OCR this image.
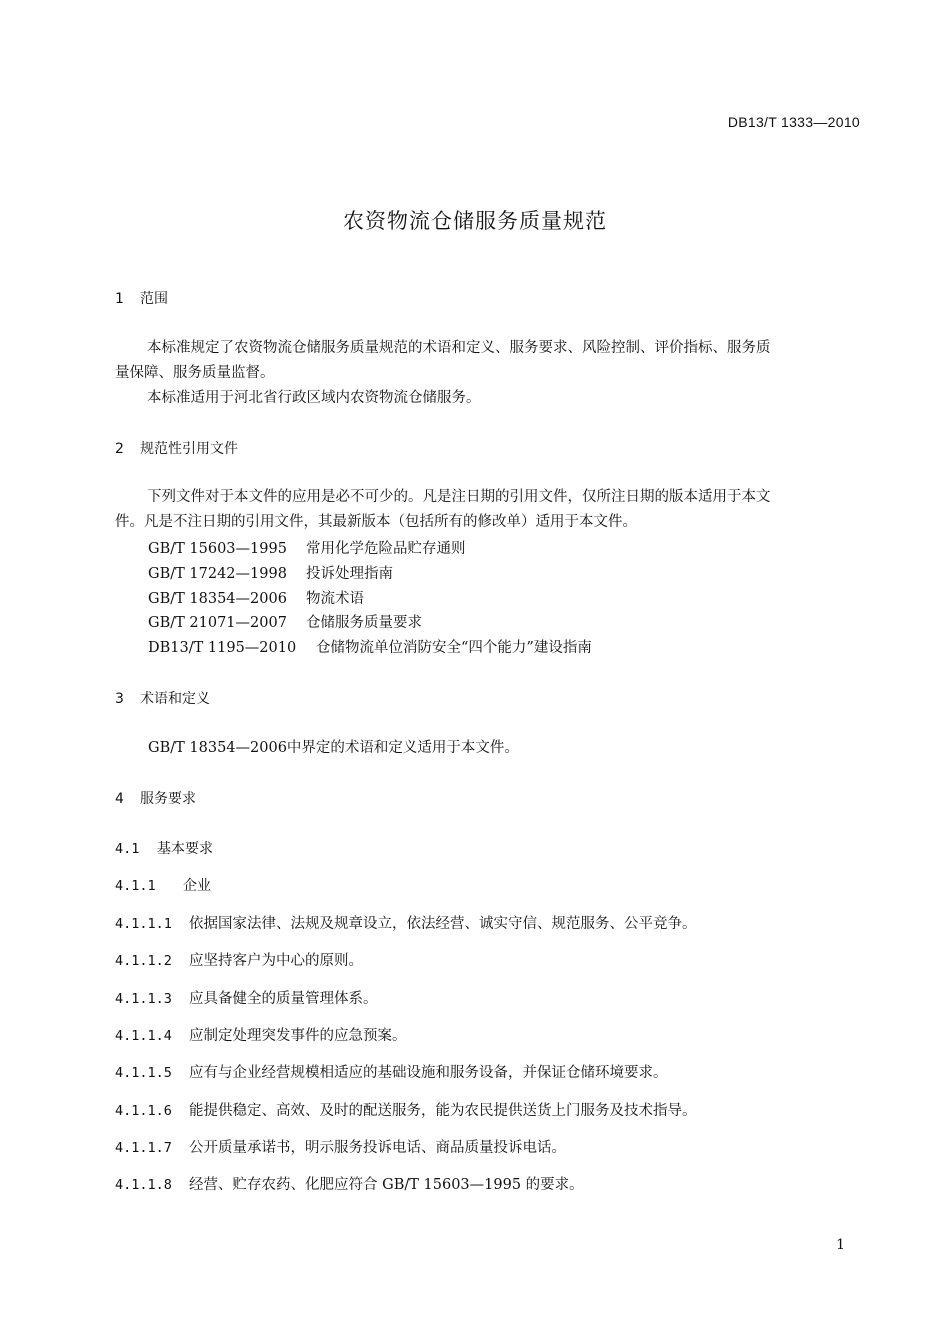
DB13/T 1333—2010
农资物流仓储服务质量规范
1 范围
本标准规定了农资物流仓储服务质量规范的术语和定义、服务要求、风险控制、评价指标、服务质
量保障、服务质量监督。
本标准适用于河北省行政区域内农资物流仓储服务。
2 规范性引用文件
下列文件对于本文件的应用是必不可少的。凡是注日期的引用文件，仅所注日期的版本适用于本文
件。凡是不注日期的引用文件，其最新版本（包括所有的修改单）适用于本文件。
GB/T 15603—1995 常用化学危险品贮存通则
GB/T 17242—1998 投诉处理指南
GB/T 18354—2006 物流术语
GB/T 21071—2007 仓储服务质量要求
DB13/T 1195—2010 仓储物流单位消防安全“四个能力”建设指南
3 术语和定义
GB/T 18354—2006中界定的术语和定义适用于本文件。
4 服务要求
4.1 基本要求
4.1.1 企业
4.1.1.1 依据国家法律、法规及规章设立，依法经营、诚实守信、规范服务、公平竞争。
4.1.1.2 应坚持客户为中心的原则。
4.1.1.3 应具备健全的质量管理体系。
4.1.1.4 应制定处理突发事件的应急预案。
4.1.1.5 应有与企业经营规模相适应的基础设施和服务设备，并保证仓储环境要求。
4.1.1.6 能提供稳定、高效、及时的配送服务，能为农民提供送货上门服务及技术指导。
4.1.1.7 公开质量承诺书，明示服务投诉电话、商品质量投诉电话。
4.1.1.8 经营、贮存农药、化肥应符合 GB/T 15603—1995 的要求。
1
